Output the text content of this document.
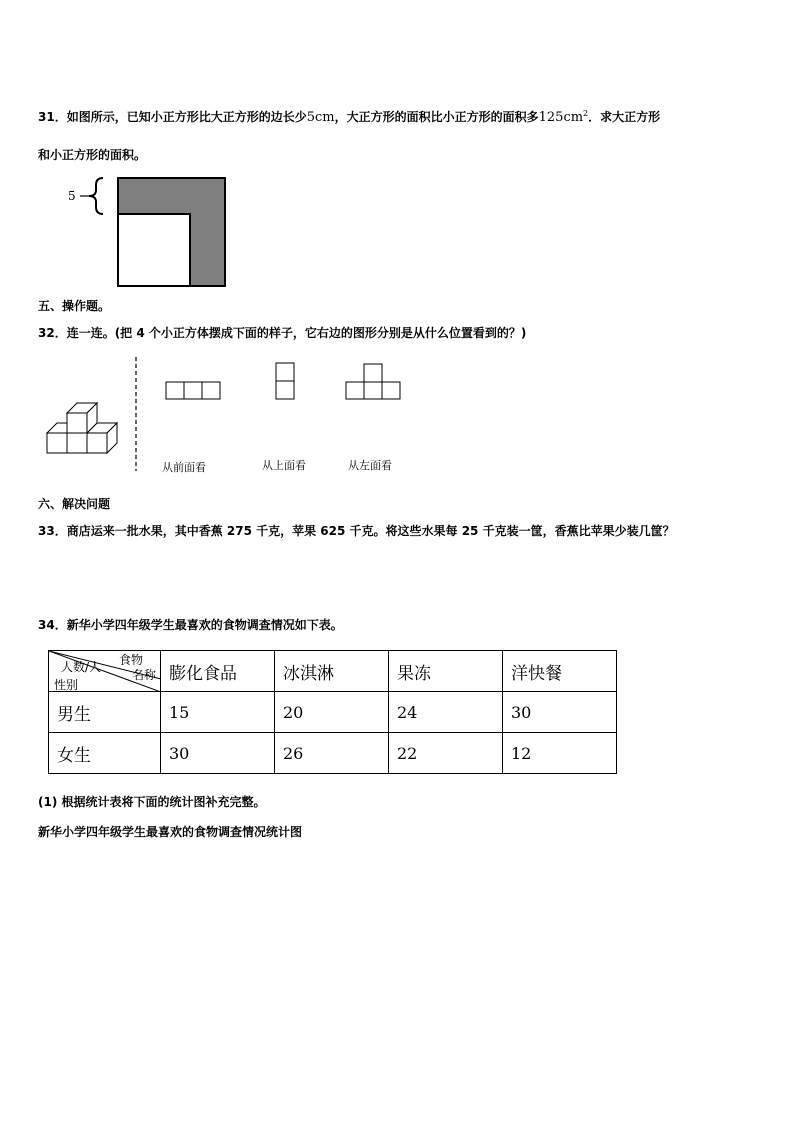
31．如图所示，已知小正方形比大正方形的边长少5cm，大正方形的面积比小正方形的面积多$125cm^2$．求大正方形
和小正方形的面积。
5
五、操作题。
32．连一连。(把 4 个小正方体摆成下面的样子，它右边的图形分别是从什么位置看到的？)
从前面看	从上面看	从左面看
六、解决问题
33．商店运来一批水果，其中香蕉 275 千克，苹果 625 千克。将这些水果每 25 千克装一筐，香蕉比苹果少装几筐？
34．新华小学四年级学生最喜欢的食物调查情况如下表。
食物
名称
人数/人
性别	膨化食品	冰淇淋	果冻	洋快餐
男生	15	20	24	30
女生	30	26	22	12
(1) 根据统计表将下面的统计图补充完整。
新华小学四年级学生最喜欢的食物调查情况统计图
